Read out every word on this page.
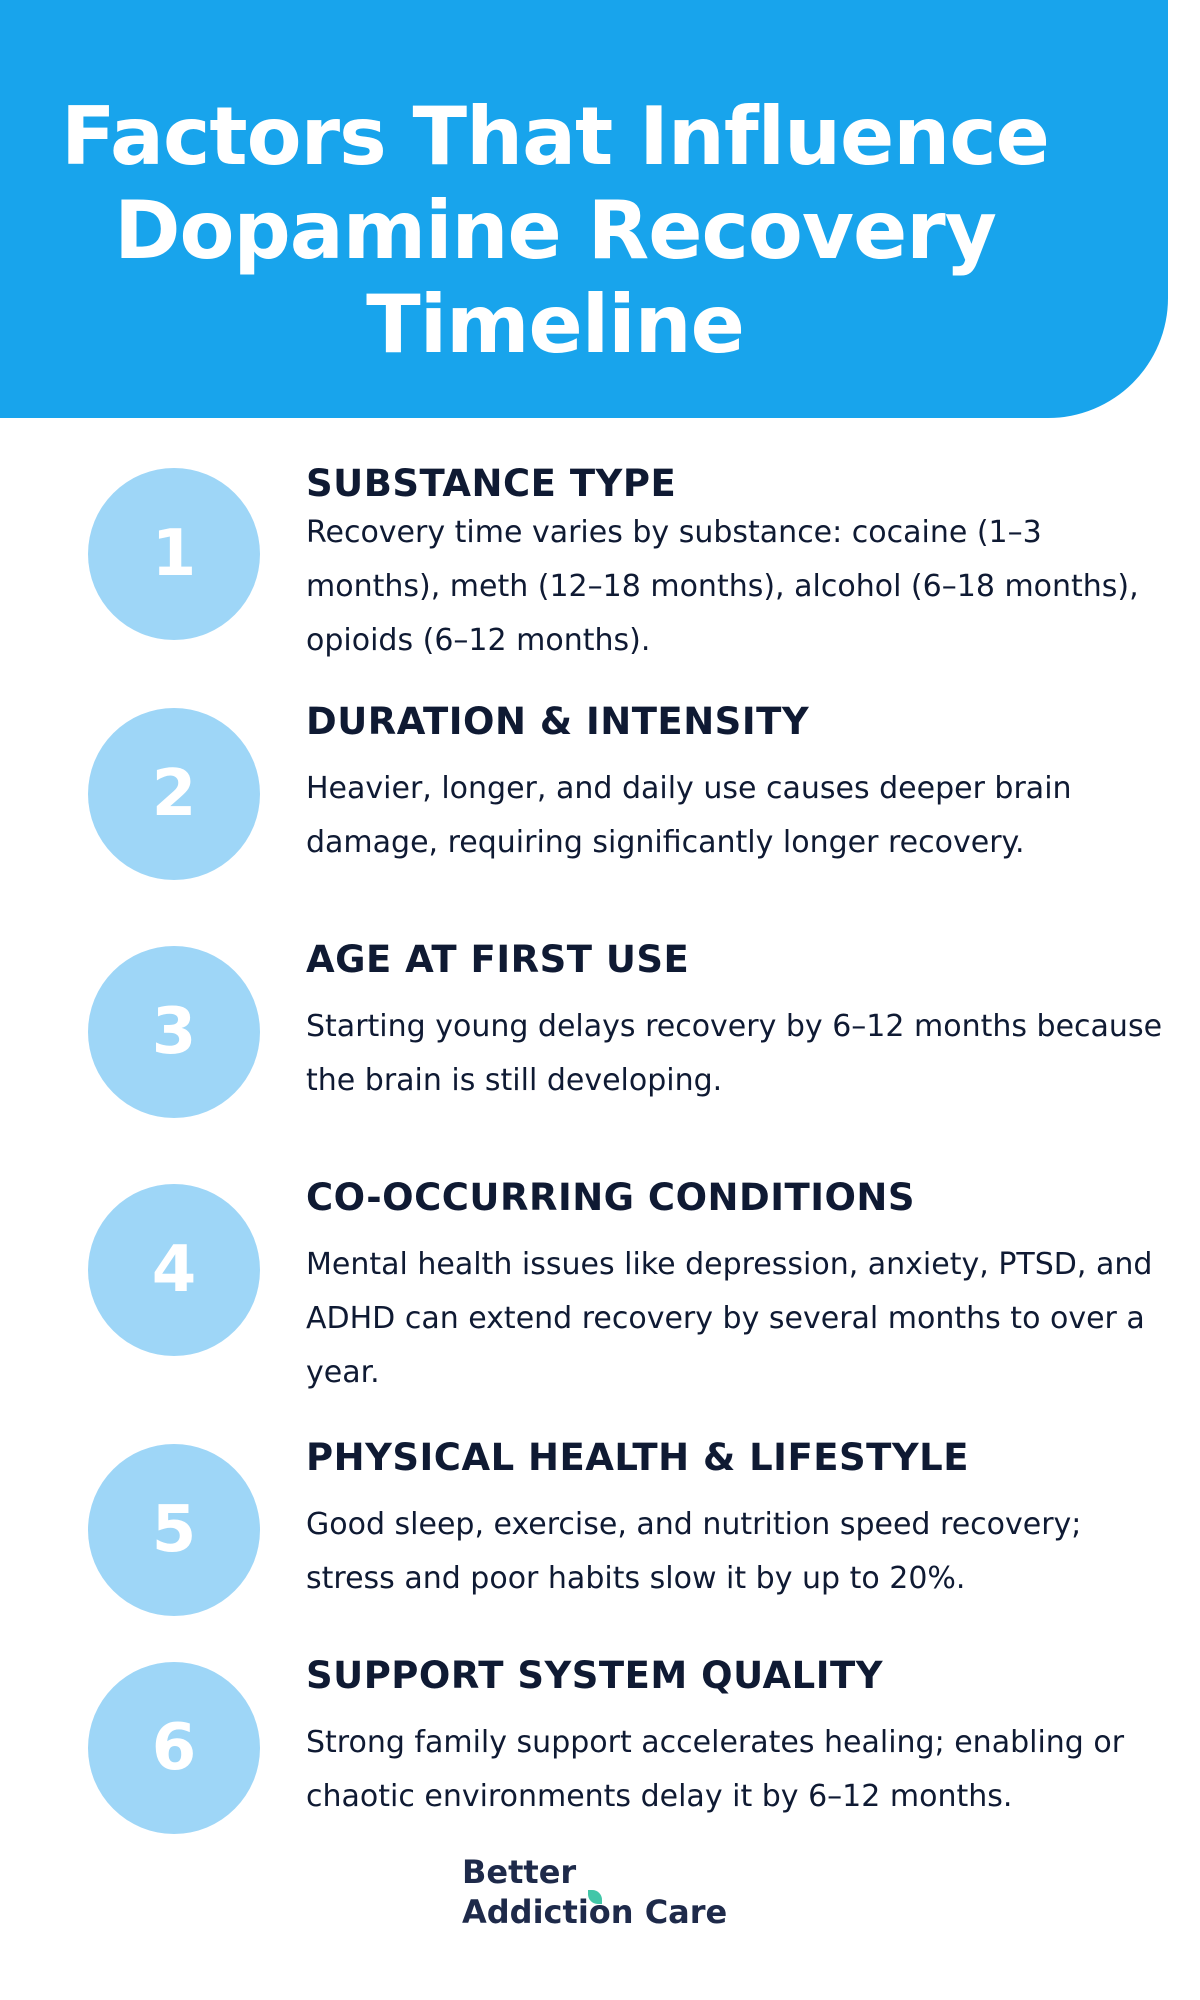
Factors That Influence Dopamine Recovery Timeline
1
SUBSTANCE TYPE
Recovery time varies by substance: cocaine (1–3 months), meth (12–18 months), alcohol (6–18 months), opioids (6–12 months).
2
DURATION & INTENSITY
Heavier, longer, and daily use causes deeper brain damage, requiring significantly longer recovery.
3
AGE AT FIRST USE
Starting young delays recovery by 6–12 months because the brain is still developing.
4
CO-OCCURRING CONDITIONS
Mental health issues like depression, anxiety, PTSD, and ADHD can extend recovery by several months to over a year.
5
PHYSICAL HEALTH & LIFESTYLE
Good sleep, exercise, and nutrition speed recovery; stress and poor habits slow it by up to 20%.
6
SUPPORT SYSTEM QUALITY
Strong family support accelerates healing; enabling or chaotic environments delay it by 6–12 months.
Better
Addiction Care
